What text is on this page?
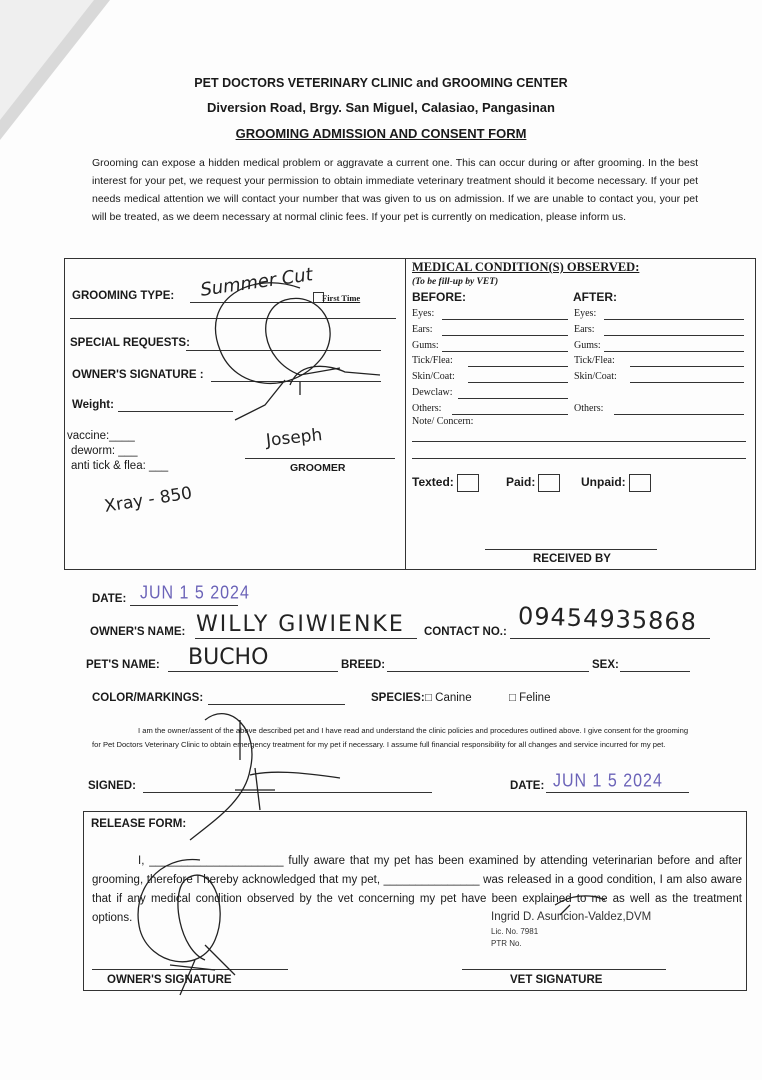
PET DOCTORS VETERINARY CLINIC and GROOMING CENTER
Diversion Road, Brgy. San Miguel, Calasiao, Pangasinan
GROOMING ADMISSION AND CONSENT FORM
Grooming can expose a hidden medical problem or aggravate a current one. This can occur during or after grooming. In the best interest for your pet, we request your permission to obtain immediate veterinary treatment should it become necessary. If your pet needs medical attention we will contact your number that was given to us on admission. If we are unable to contact you, your pet will be treated, as we deem necessary at normal clinic fees. If your pet is currently on medication, please inform us.
GROOMING TYPE: Summer Cut First Time
SPECIAL REQUESTS:
OWNER'S SIGNATURE :
Weight:
vaccine:____
deworm: ___
anti tick & flea: ___
Joseph
GROOMER
Xray - 850
MEDICAL CONDITION(S) OBSERVED:
(To be fill-up by VET)
BEFORE:	AFTER:
Eyes:	Eyes:
Ears:	Ears:
Gums:	Gums:
Tick/Flea:	Tick/Flea:
Skin/Coat:	Skin/Coat:
Dewclaw:
Others:	Others:
Note/ Concern:
Texted:	Paid:	Unpaid:
RECEIVED BY
DATE: JUN 1 5 2024
OWNER'S NAME: WILLY GIWIENKE CONTACT NO.: 09454935868
PET'S NAME: BUCHO	BREED:	SEX:
COLOR/MARKINGS:	SPECIES: □ Canine	□ Feline
I am the owner/assent of the above described pet and I have read and understand the clinic policies and procedures outlined above. I give consent for the grooming for Pet Doctors Veterinary Clinic to obtain emergency treatment for my pet if necessary. I assume full financial responsibility for all changes and service incurred for my pet.
SIGNED:	DATE: JUN 1 5 2024
RELEASE FORM:
I, _____________________ fully aware that my pet has been examined by attending veterinarian before and after grooming, therefore I hereby acknowledged that my pet, _______________ was released in a good condition, I am also aware that if any medical condition observed by the vet concerning my pet have been explained to me as well as the treatment options.	Ingrid D. Asuncion-Valdez,DVM
Lic. No. 7981
PTR No.
OWNER'S SIGNATURE	VET SIGNATURE
